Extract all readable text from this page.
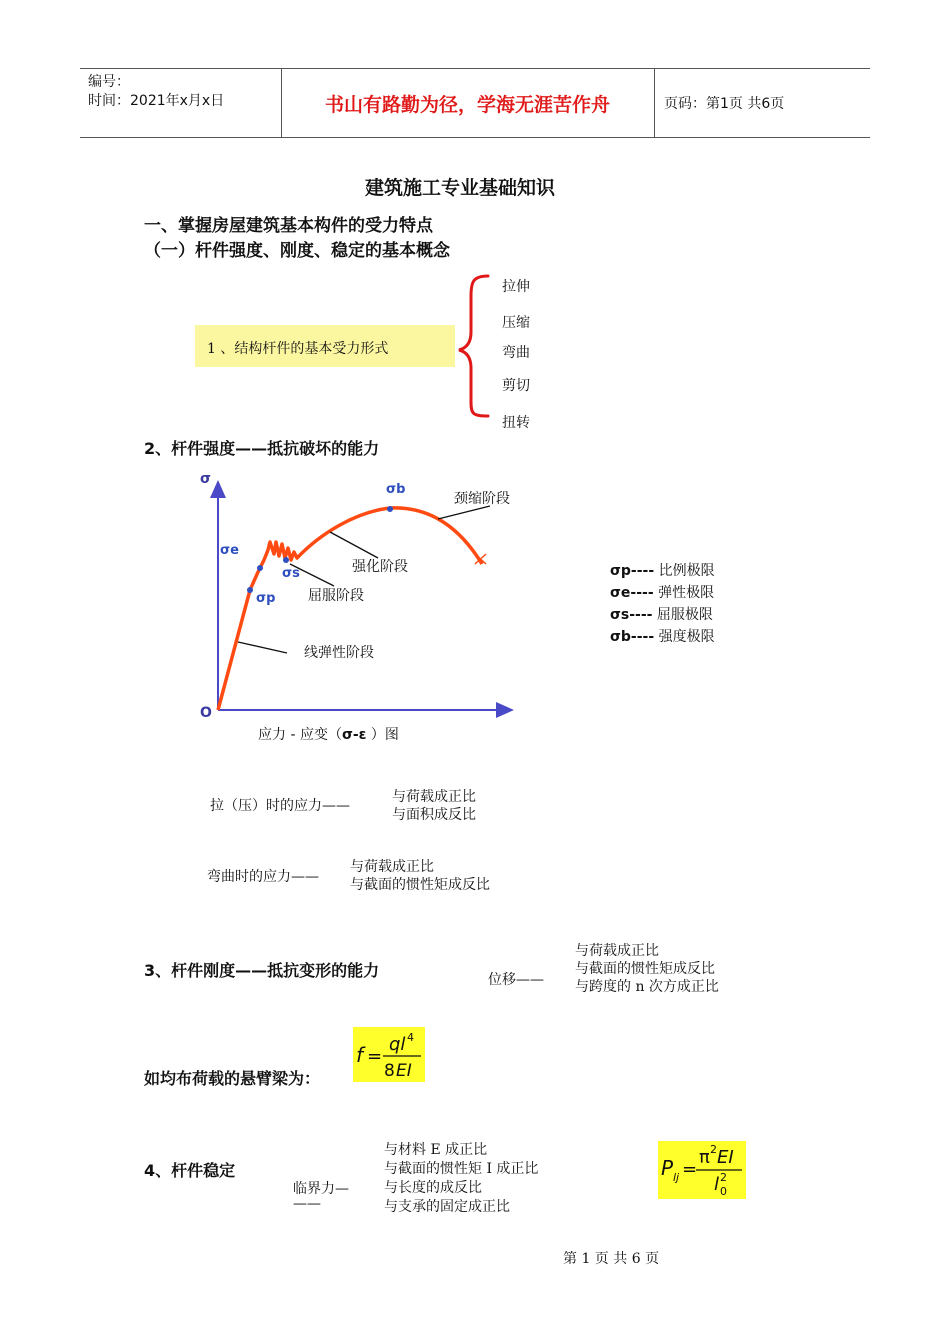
编号：
时间：2021年x月x日	书山有路勤为径，学海无涯苦作舟	页码：第1页 共6页
建筑施工专业基础知识
一、掌握房屋建筑基本构件的受力特点
（一）杆件强度、刚度、稳定的基本概念
1 、结构杆件的基本受力形式
拉伸
压缩
弯曲
剪切
扭转
2、杆件强度——抵抗破坏的能力
σ
O
σe
σp
σs
σb
颈缩阶段
强化阶段
屈服阶段
线弹性阶段
应力 - 应变（σ-ε ）图
σp---- 比例极限
σe---- 弹性极限
σs---- 屈服极限
σb---- 强度极限
拉（压）时的应力——
与荷载成正比
与面积成反比
弯曲时的应力——
与荷载成正比
与截面的惯性矩成反比
3、杆件刚度——抵抗变形的能力	位移——
与荷载成正比
与截面的惯性矩成反比
与跨度的 n 次方成正比
如均布荷载的悬臂梁为：
f =
ql 4
8 EI
4、杆件稳定
临界力—
——
与材料 E 成正比
与截面的惯性矩 I 成正比
与长度的成反比
与支承的固定成正比
P lj =
π 2 EI
l 2
0
第 1 页 共 6 页
